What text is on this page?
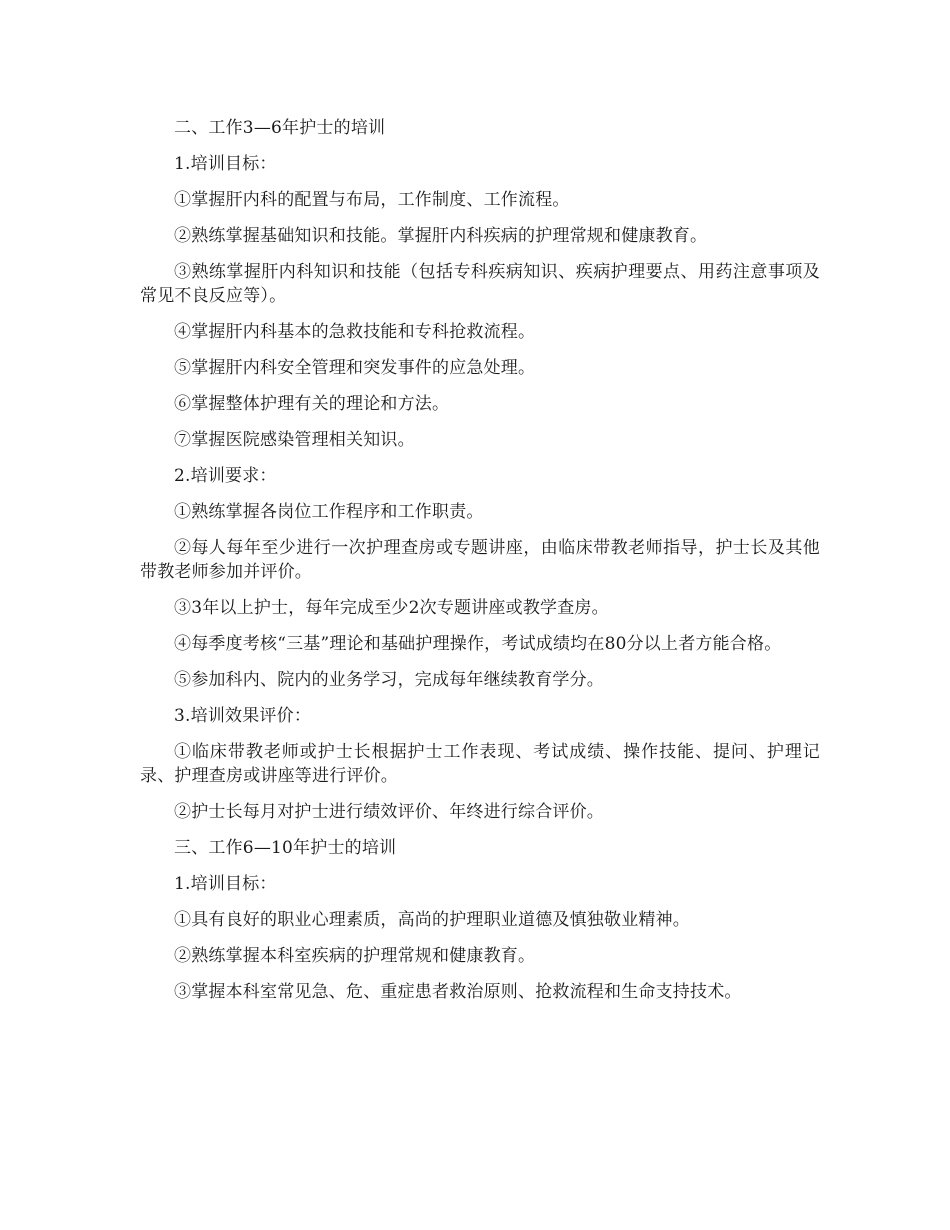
二、工作3—6年护士的培训

1.培训目标：

①掌握肝内科的配置与布局，工作制度、工作流程。

②熟练掌握基础知识和技能。掌握肝内科疾病的护理常规和健康教育。

③熟练掌握肝内科知识和技能（包括专科疾病知识、疾病护理要点、用药注意事项及常见不良反应等）。

④掌握肝内科基本的急救技能和专科抢救流程。

⑤掌握肝内科安全管理和突发事件的应急处理。

⑥掌握整体护理有关的理论和方法。

⑦掌握医院感染管理相关知识。

2.培训要求：

①熟练掌握各岗位工作程序和工作职责。

②每人每年至少进行一次护理查房或专题讲座，由临床带教老师指导，护士长及其他带教老师参加并评价。

③3年以上护士，每年完成至少2次专题讲座或教学查房。

④每季度考核“三基”理论和基础护理操作，考试成绩均在80分以上者方能合格。

⑤参加科内、院内的业务学习，完成每年继续教育学分。

3.培训效果评价：

①临床带教老师或护士长根据护士工作表现、考试成绩、操作技能、提问、护理记录、护理查房或讲座等进行评价。

②护士长每月对护士进行绩效评价、年终进行综合评价。

三、工作6—10年护士的培训

1.培训目标：

①具有良好的职业心理素质，高尚的护理职业道德及慎独敬业精神。

②熟练掌握本科室疾病的护理常规和健康教育。

③掌握本科室常见急、危、重症患者救治原则、抢救流程和生命支持技术。
